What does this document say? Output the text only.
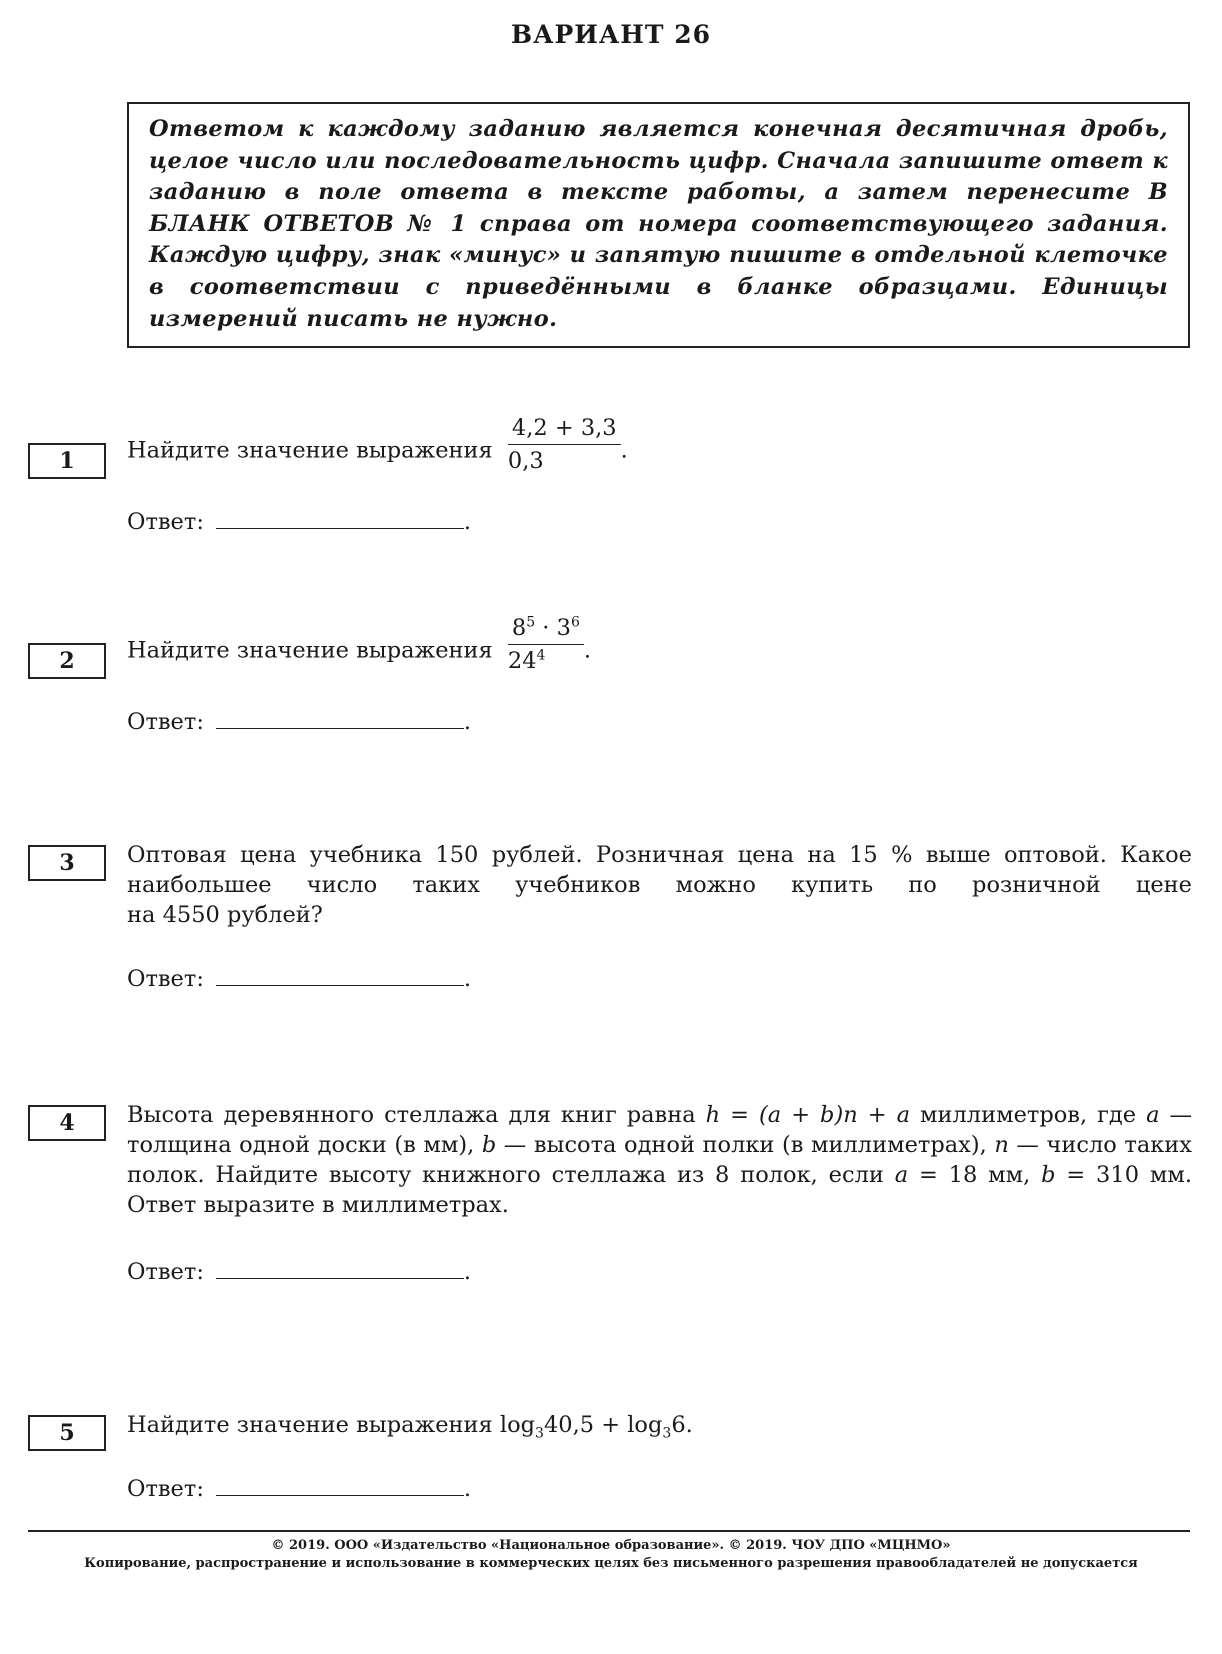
ВАРИАНТ 26

Ответом к каждому заданию является конечная десятичная дробь, целое число или последовательность цифр. Сначала запишите ответ к заданию в поле ответа в тексте работы, а затем перенесите В БЛАНК ОТВЕТОВ № 1 справа от номера соответствующего задания. Каждую цифру, знак «минус» и запятую пишите в отдельной клеточке в соответствии с приведёнными в бланке образцами. Единицы измерений писать не нужно.

1	Найдите значение выражения $\frac{4,2 + 3,3}{0,3}$ .
Ответ:	.
2	Найдите значение выражения $\frac{8^5 \cdot 3^6}{24^4}$ .
Ответ:	.
3	Оптовая цена учебника 150 рублей. Розничная цена на 15 % выше оптовой. Какое наибольшее число таких учебников можно купить по розничной цене
на 4550 рублей?
Ответ:	.
4	Высота деревянного стеллажа для книг равна h = (a + b)n + a миллиметров, где a — толщина одной доски (в мм), b — высота одной полки (в миллиметрах), n — число таких полок. Найдите высоту книжного стеллажа из 8 полок, если a = 18 мм, b = 310 мм. Ответ выразите в миллиметрах.
Ответ:	.
5	Найдите значение выражения $\log_340,5 + \log_36$.
Ответ:	.
© 2019. ООО «Издательство «Национальное образование». © 2019. ЧОУ ДПО «МЦНМО»
Копирование, распространение и использование в коммерческих целях без письменного разрешения правообладателей не допускается
